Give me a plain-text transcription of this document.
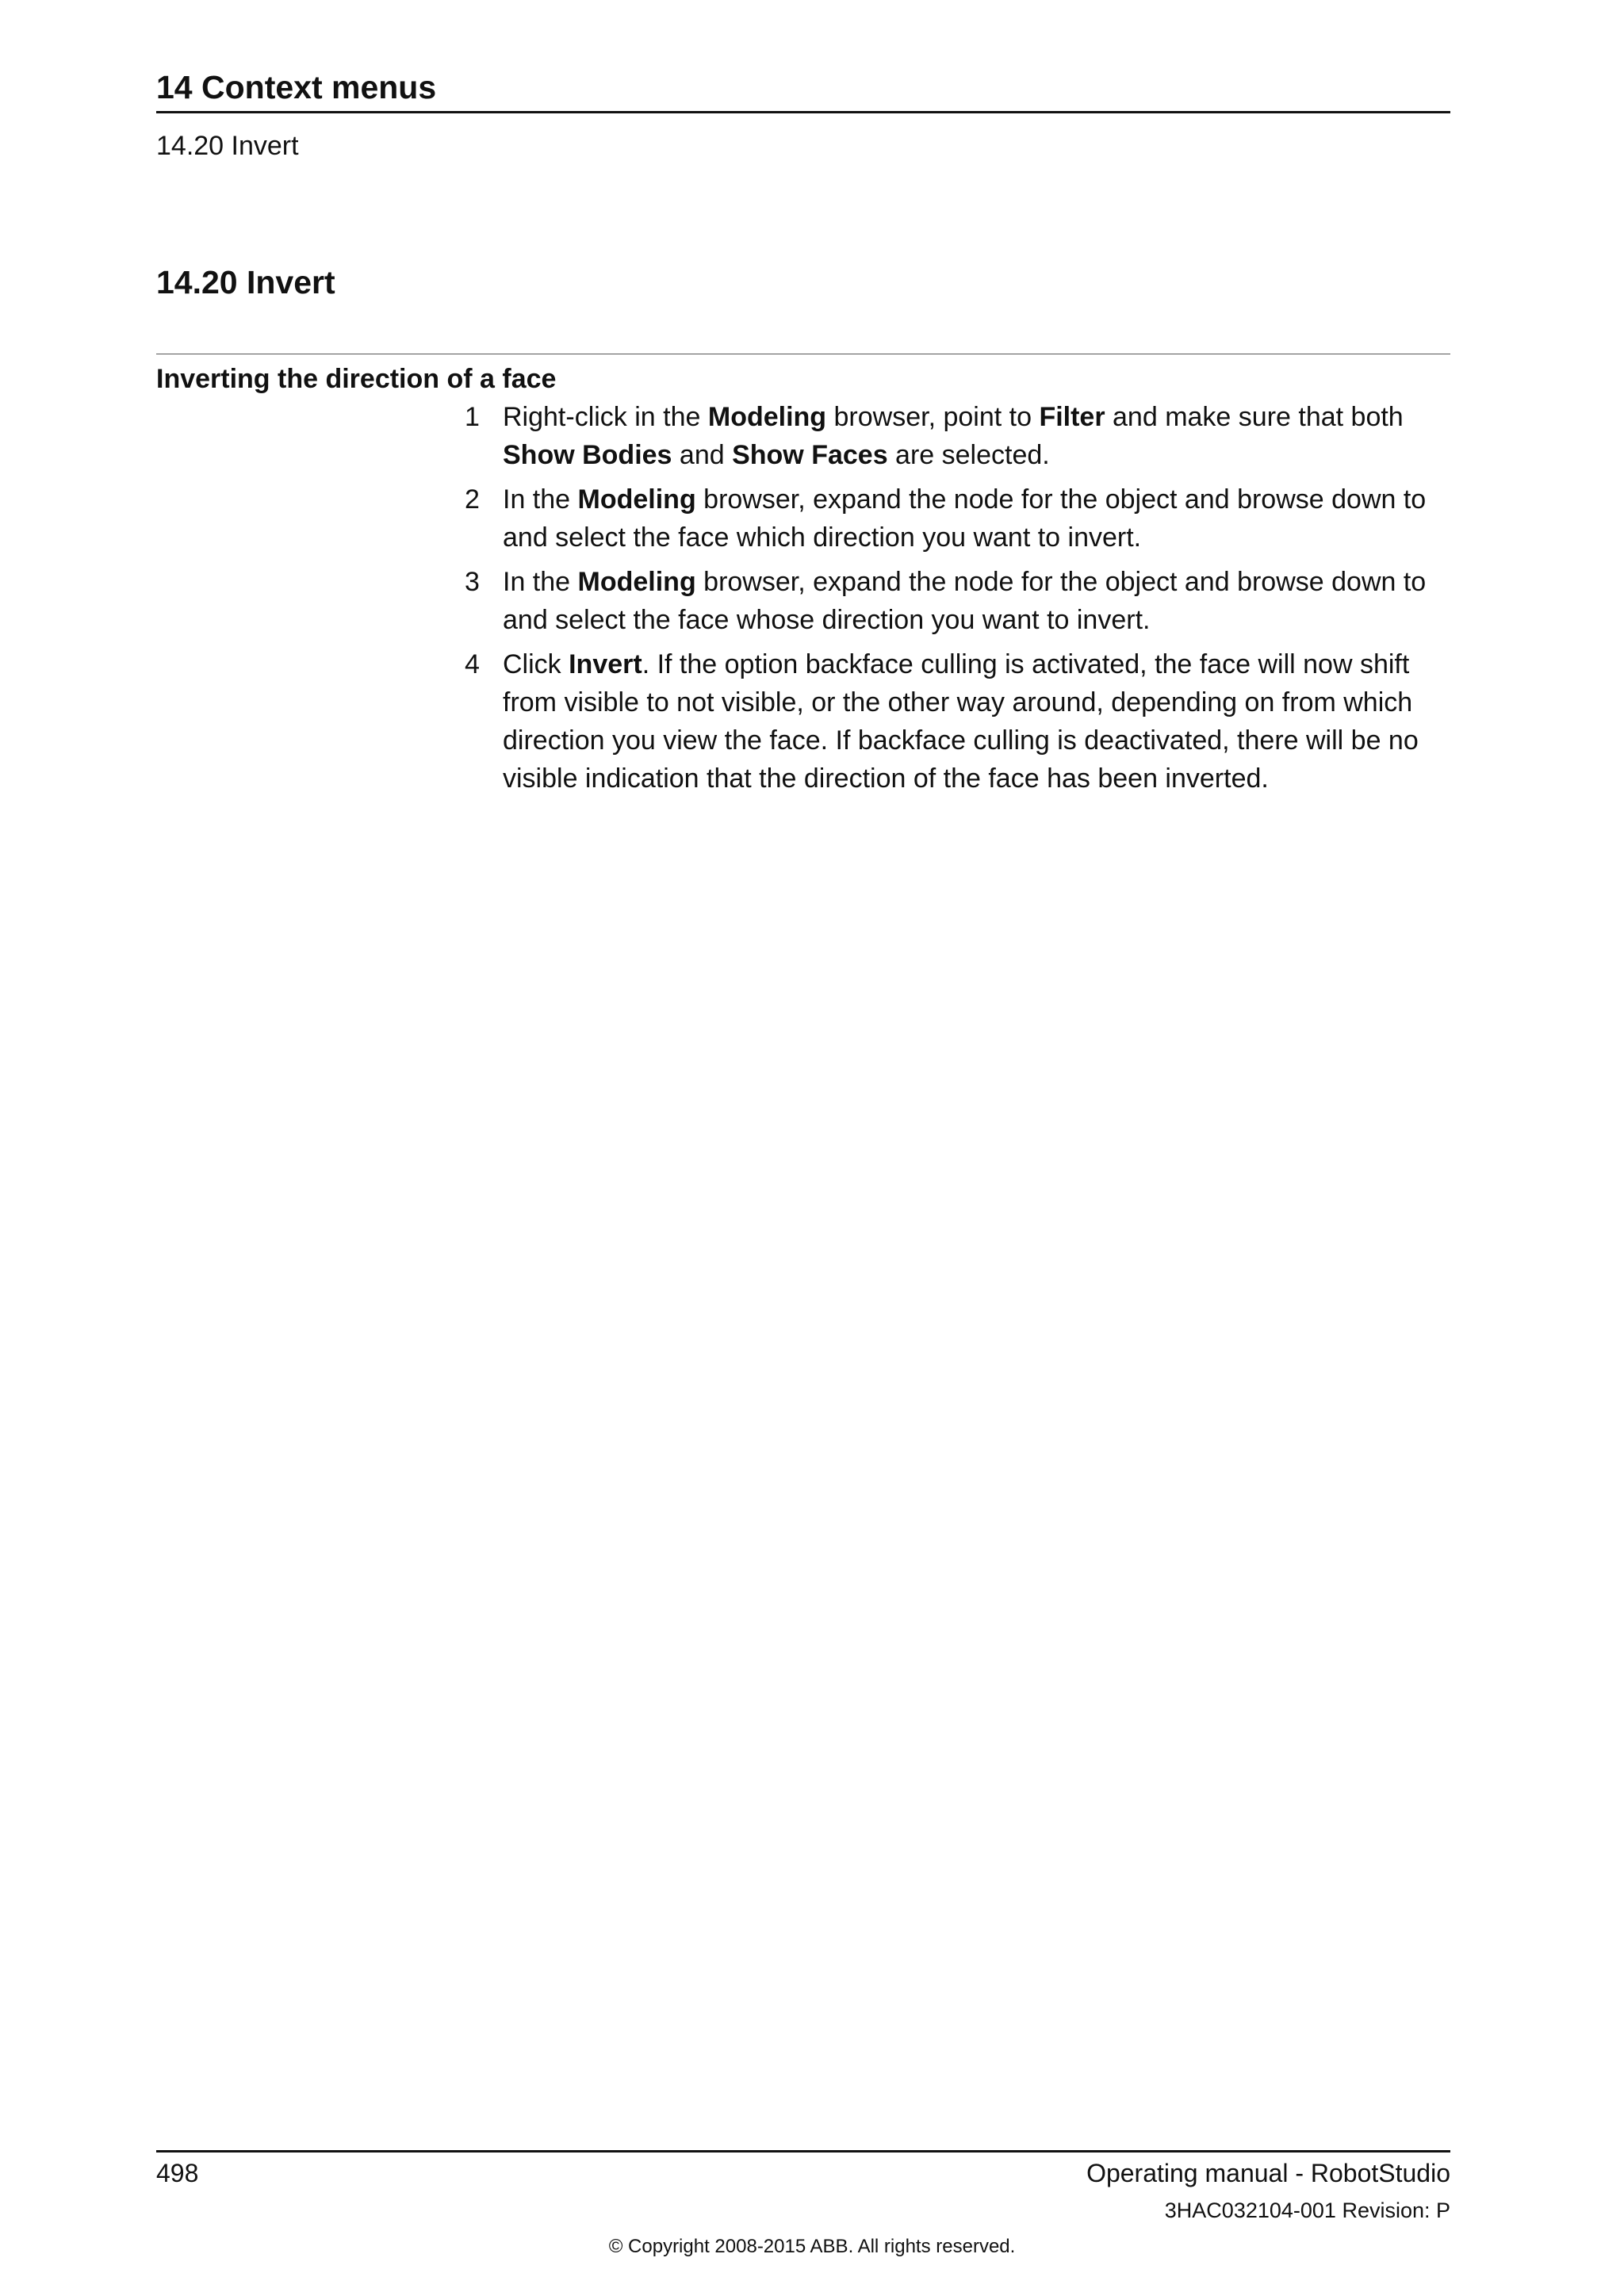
14 Context menus
14.20 Invert
14.20 Invert
Inverting the direction of a face
1 Right-click in the Modeling browser, point to Filter and make sure that both Show Bodies and Show Faces are selected.
2 In the Modeling browser, expand the node for the object and browse down to and select the face which direction you want to invert.
3 In the Modeling browser, expand the node for the object and browse down to and select the face whose direction you want to invert.
4 Click Invert. If the option backface culling is activated, the face will now shift from visible to not visible, or the other way around, depending on from which direction you view the face. If backface culling is deactivated, there will be no visible indication that the direction of the face has been inverted.
498	Operating manual - RobotStudio
3HAC032104-001 Revision: P
© Copyright 2008-2015 ABB. All rights reserved.
